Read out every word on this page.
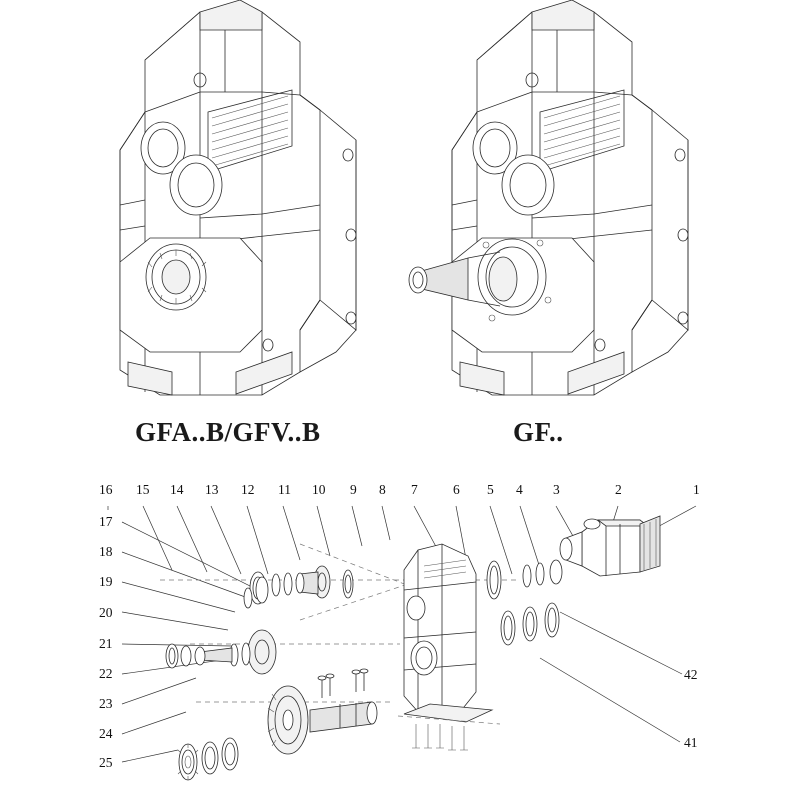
GFA..B/GFV..B	GF..
16 15 14 13 12 11 10 9 8 7	6 5 4 3	2	1
17
18
19
20
21
22
23
24
25
42
41
